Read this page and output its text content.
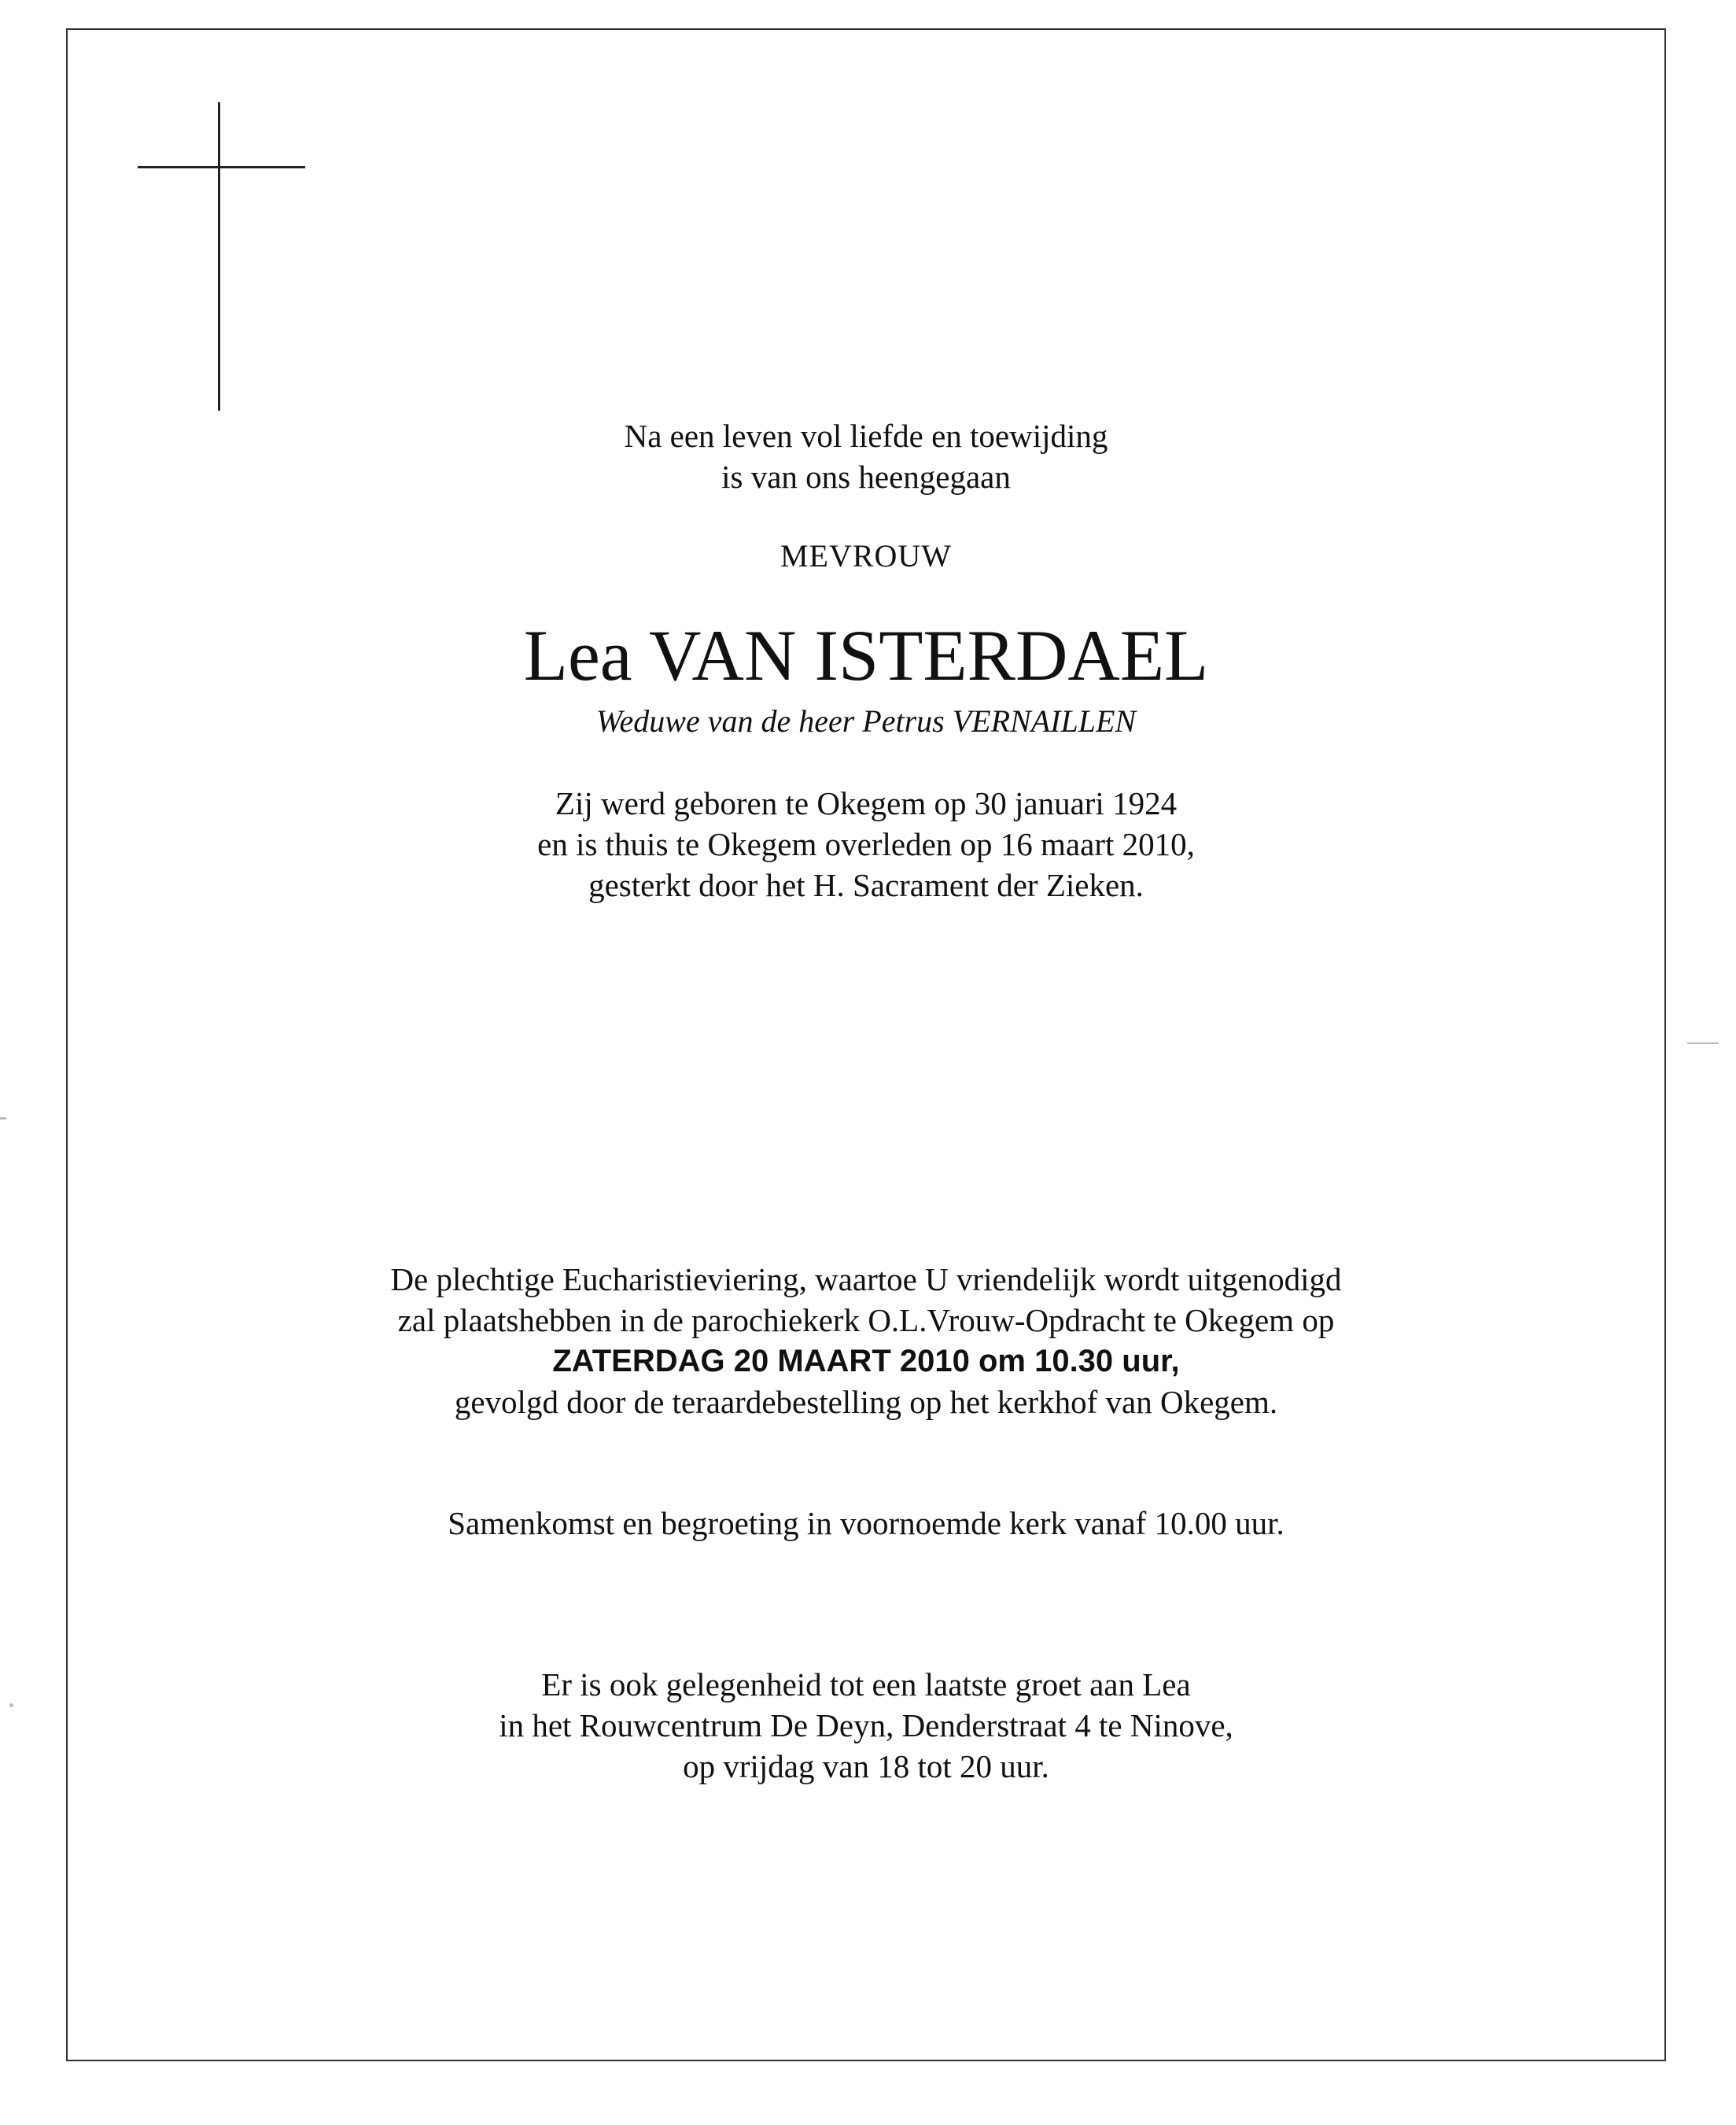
Na een leven vol liefde en toewijding
is van ons heengegaan
MEVROUW
Lea VAN ISTERDAEL
Weduwe van de heer Petrus VERNAILLEN
Zij werd geboren te Okegem op 30 januari 1924
en is thuis te Okegem overleden op 16 maart 2010,
gesterkt door het H. Sacrament der Zieken.
De plechtige Eucharistieviering, waartoe U vriendelijk wordt uitgenodigd
zal plaatshebben in de parochiekerk O.L.Vrouw-Opdracht te Okegem op
ZATERDAG 20 MAART 2010 om 10.30 uur,
gevolgd door de teraardebestelling op het kerkhof van Okegem.
Samenkomst en begroeting in voornoemde kerk vanaf 10.00 uur.
Er is ook gelegenheid tot een laatste groet aan Lea
in het Rouwcentrum De Deyn, Denderstraat 4 te Ninove,
op vrijdag van 18 tot 20 uur.
